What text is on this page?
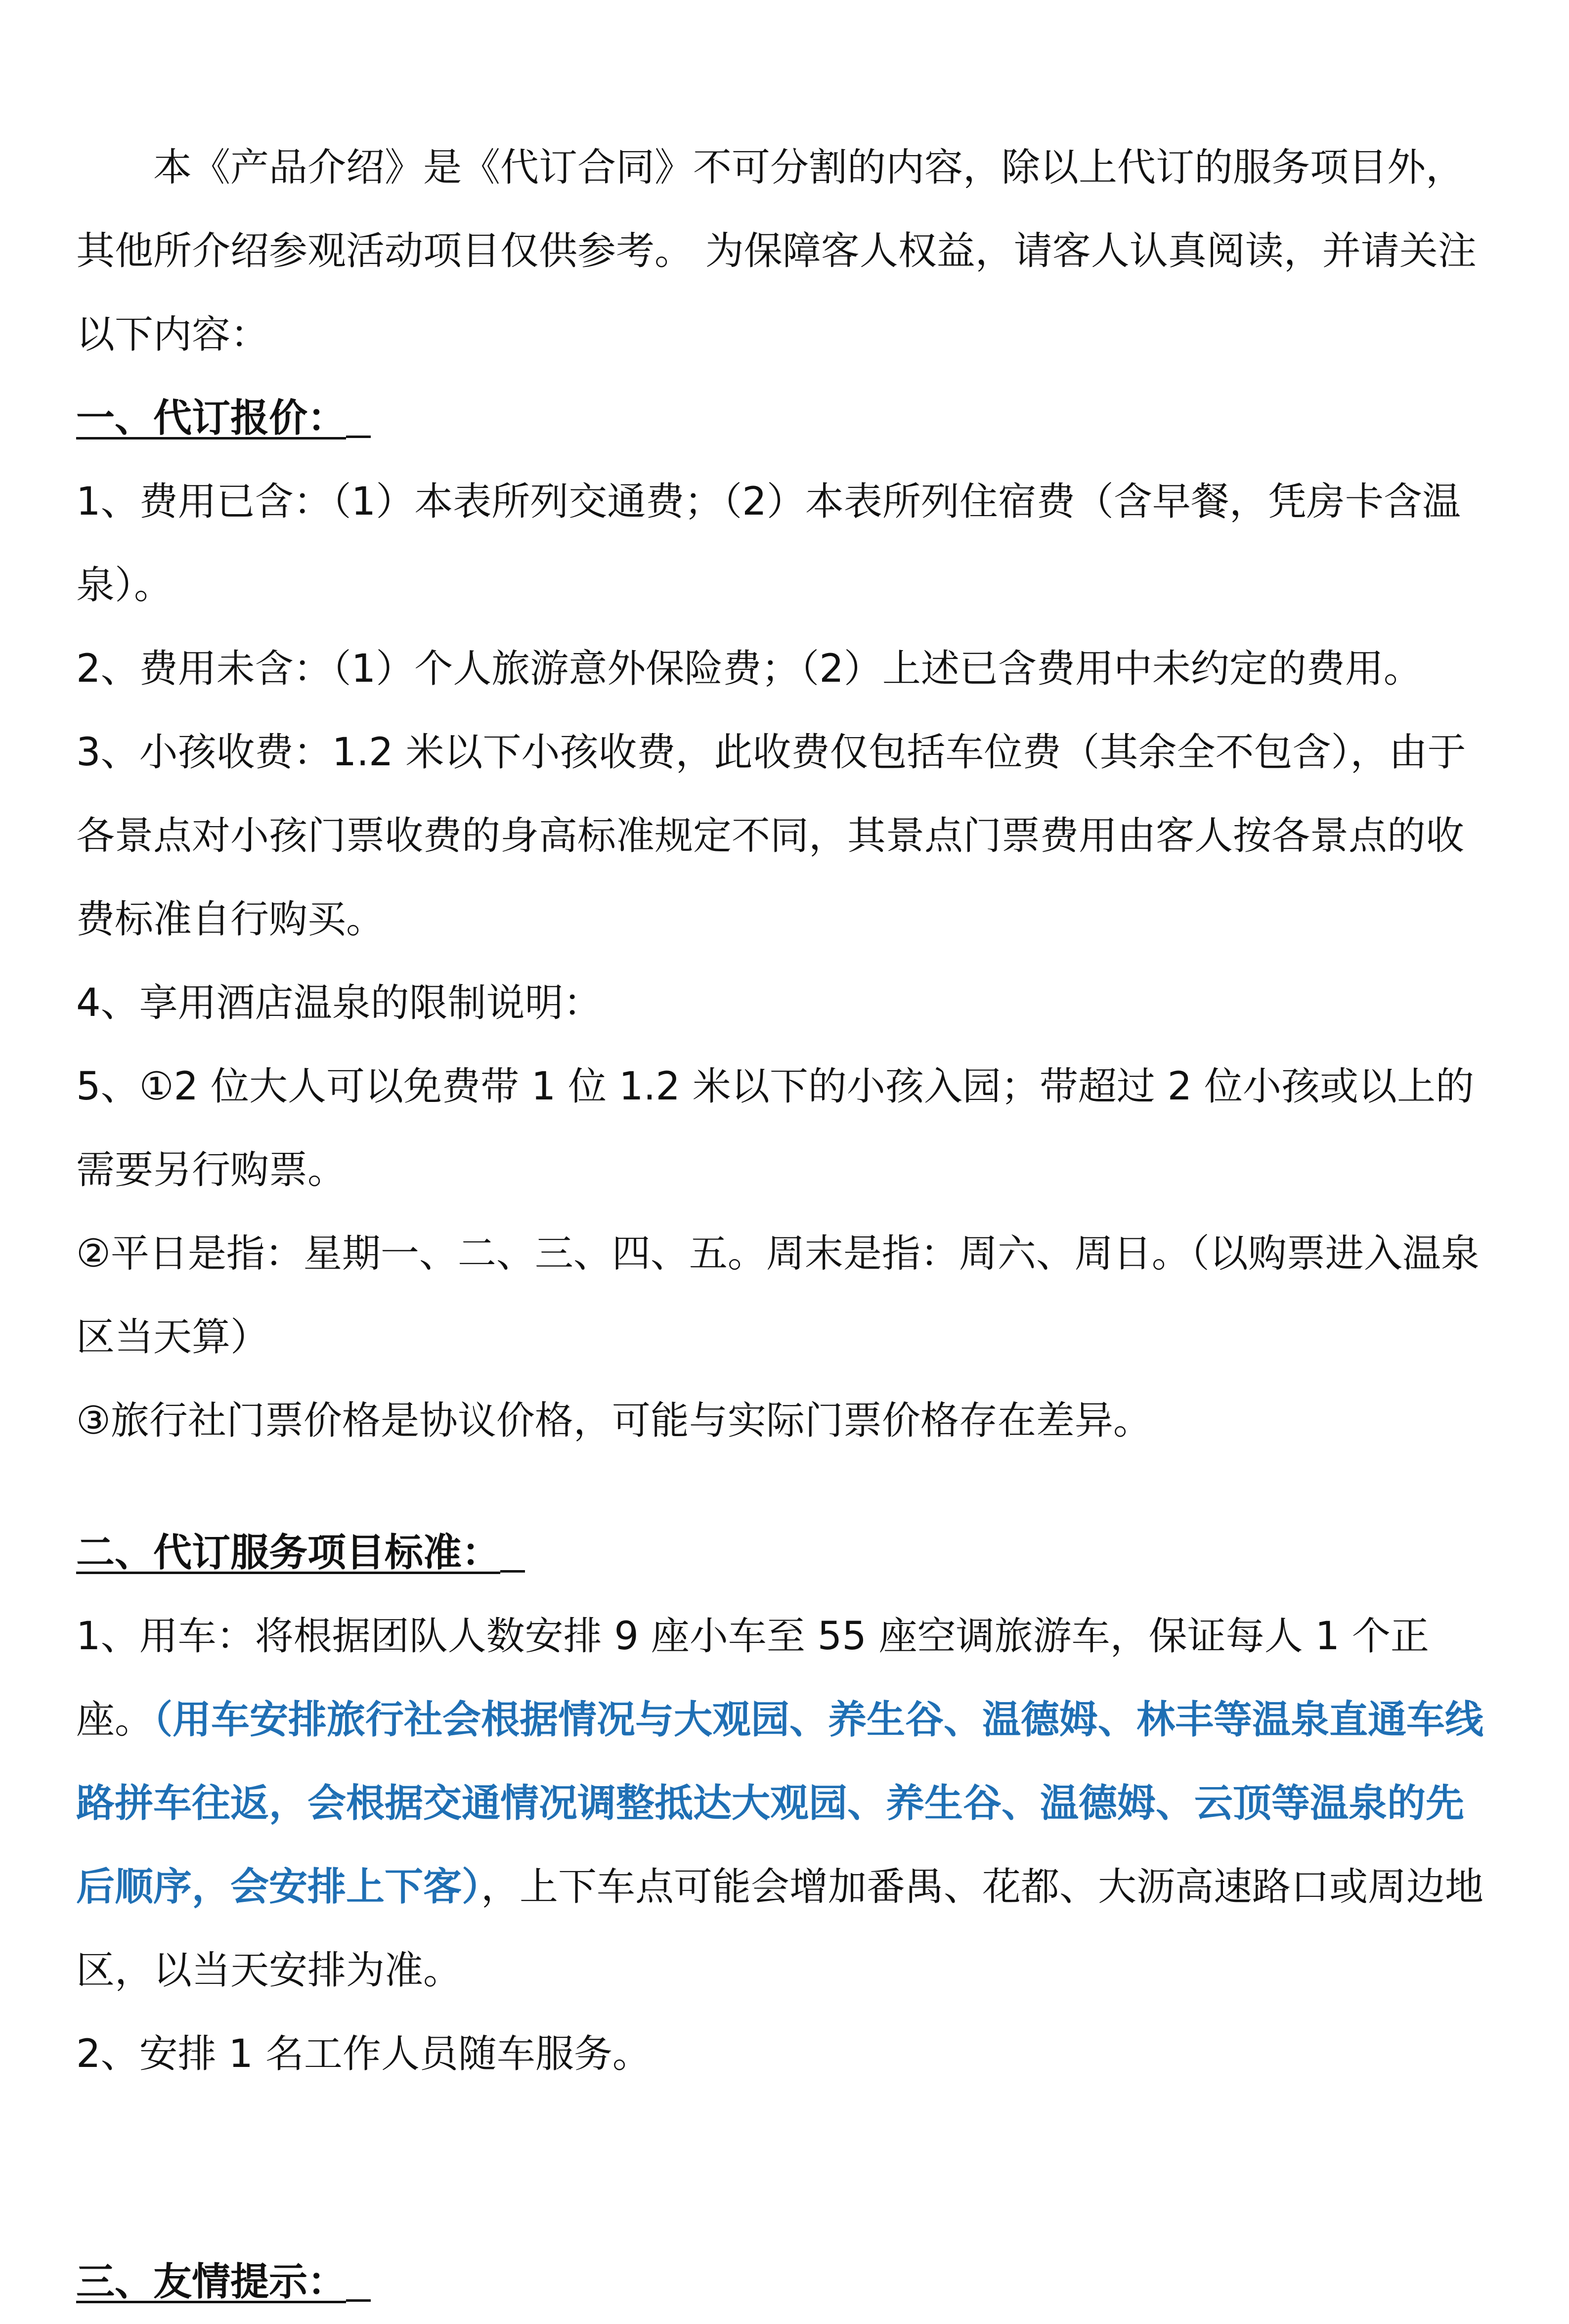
本《产品介绍》是《代订合同》不可分割的内容，除以上代订的服务项目外，其他所介绍参观活动项目仅供参考。 为保障客人权益，请客人认真阅读，并请关注以下内容：

一、代订报价：

1、费用已含：（1）本表所列交通费；（2）本表所列住宿费（含早餐，凭房卡含温泉）。

2、费用未含：（1）个人旅游意外保险费；（2）上述已含费用中未约定的费用。

3、小孩收费：1.2 米以下小孩收费，此收费仅包括车位费（其余全不包含），由于各景点对小孩门票收费的身高标准规定不同，其景点门票费用由客人按各景点的收费标准自行购买。

4、享用酒店温泉的限制说明：

5、①2 位大人可以免费带 1 位 1.2 米以下的小孩入园；带超过 2 位小孩或以上的需要另行购票。

②平日是指：星期一、二、三、四、五。周末是指：周六、周日。（以购票进入温泉区当天算）

③旅行社门票价格是协议价格，可能与实际门票价格存在差异。

二、代订服务项目标准：

1、用车：将根据团队人数安排 9 座小车至 55 座空调旅游车，保证每人 1 个正座。（用车安排旅行社会根据情况与大观园、养生谷、温德姆、林丰等温泉直通车线路拼车往返，会根据交通情况调整抵达大观园、养生谷、温德姆、云顶等温泉的先后顺序，会安排上下客），上下车点可能会增加番禺、花都、大沥高速路口或周边地区，以当天安排为准。

2、安排 1 名工作人员随车服务。

三、友情提示：
